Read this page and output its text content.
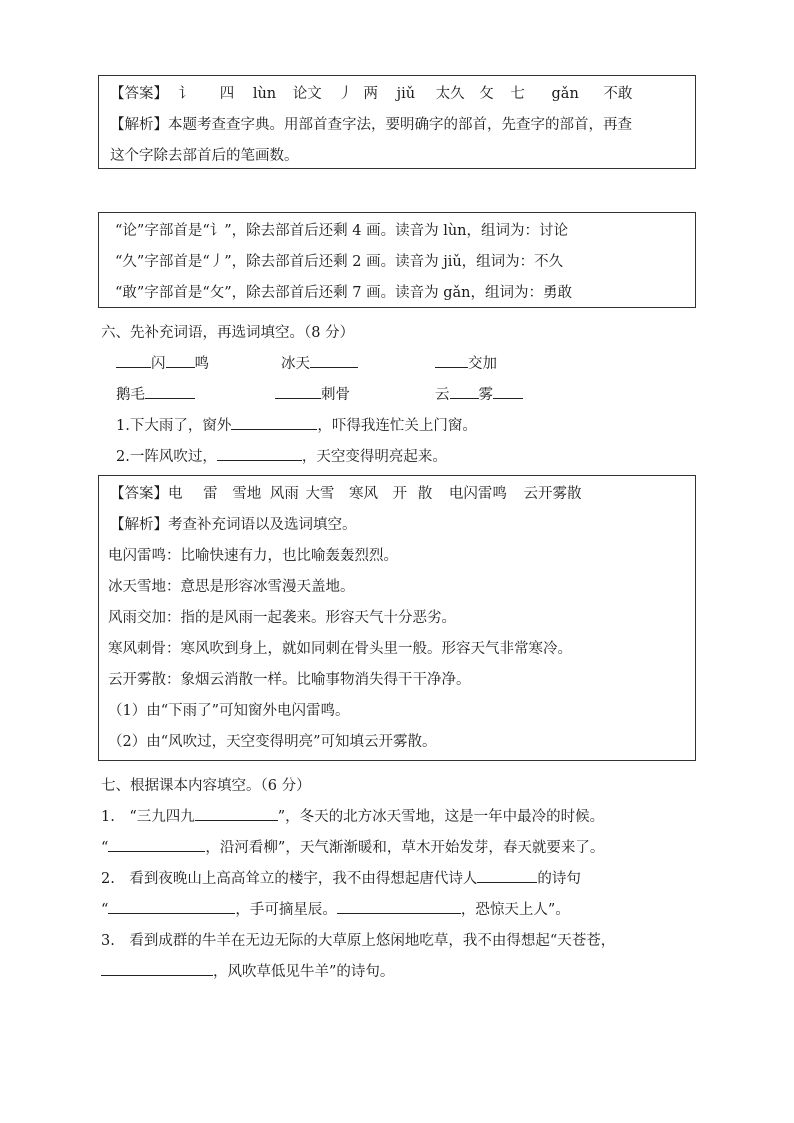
【答案】 讠 四 lùn 论文 丿 两 jiǔ 太久 攵 七 gǎn 不敢
【解析】本题考查查字典。用部首查字法，要明确字的部首，先查字的部首，再查
这个字除去部首后的笔画数。
“论”字部首是“讠”，除去部首后还剩 4 画。读音为 lùn，组词为：讨论
“久”字部首是“丿”，除去部首后还剩 2 画。读音为 jiǔ，组词为：不久
“敢”字部首是“攵”，除去部首后还剩 7 画。读音为 gǎn，组词为：勇敢
六、先补充词语，再选词填空。（8 分）
闪 鸣	冰天	交加
鹅毛	刺骨	云 雾
1.下大雨了，窗外	，吓得我连忙关上门窗。
2.一阵风吹过，	，天空变得明亮起来。
【答案】电 雷 雪地 风雨 大雪 寒风 开 散 电闪雷鸣 云开雾散
【解析】考查补充词语以及选词填空。
电闪雷鸣：比喻快速有力，也比喻轰轰烈烈。
冰天雪地：意思是形容冰雪漫天盖地。
风雨交加：指的是风雨一起袭来。形容天气十分恶劣。
寒风刺骨：寒风吹到身上，就如同刺在骨头里一般。形容天气非常寒冷。
云开雾散：象烟云消散一样。比喻事物消失得干干净净。
（1）由“下雨了”可知窗外电闪雷鸣。
（2）由“风吹过，天空变得明亮”可知填云开雾散。
七、根据课本内容填空。（6 分）
1.　“三九四九	”，冬天的北方冰天雪地，这是一年中最冷的时候。
“	，沿河看柳”，天气渐渐暖和，草木开始发芽，春天就要来了。
2.　看到夜晚山上高高耸立的楼宇，我不由得想起唐代诗人	的诗句
“	，手可摘星辰。	，恐惊天上人”。
3.　看到成群的牛羊在无边无际的大草原上悠闲地吃草，我不由得想起“天苍苍，
，风吹草低见牛羊”的诗句。
